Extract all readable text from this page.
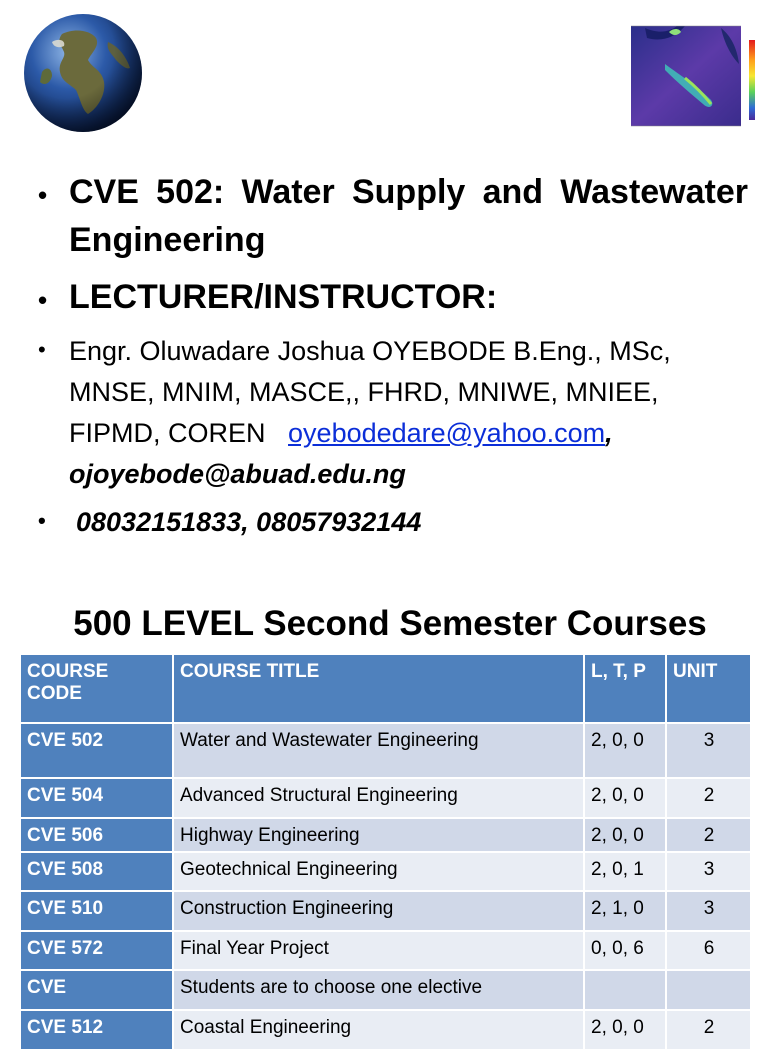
• CVE 502: Water Supply and Wastewater Engineering
• LECTURER/INSTRUCTOR:
• Engr. Oluwadare Joshua OYEBODE B.Eng., MSc, MNSE, MNIM, MASCE,, FHRD, MNIWE, MNIEE, FIPMD, COREN oyebodedare@yahoo.com, ojoyebode@abuad.edu.ng
• 08032151833, 08057932144
500 LEVEL Second Semester Courses
COURSE CODE	COURSE TITLE	L, T, P	UNIT
CVE 502	Water and Wastewater Engineering	2, 0, 0	3
CVE 504	Advanced Structural Engineering	2, 0, 0	2
CVE 506	Highway Engineering	2, 0, 0	2
CVE 508	Geotechnical Engineering	2, 0, 1	3
CVE 510	Construction Engineering	2, 1, 0	3
CVE 572	Final Year Project	0, 0, 6	6
CVE	Students are to choose one elective		
CVE 512	Coastal Engineering	2, 0, 0	2
